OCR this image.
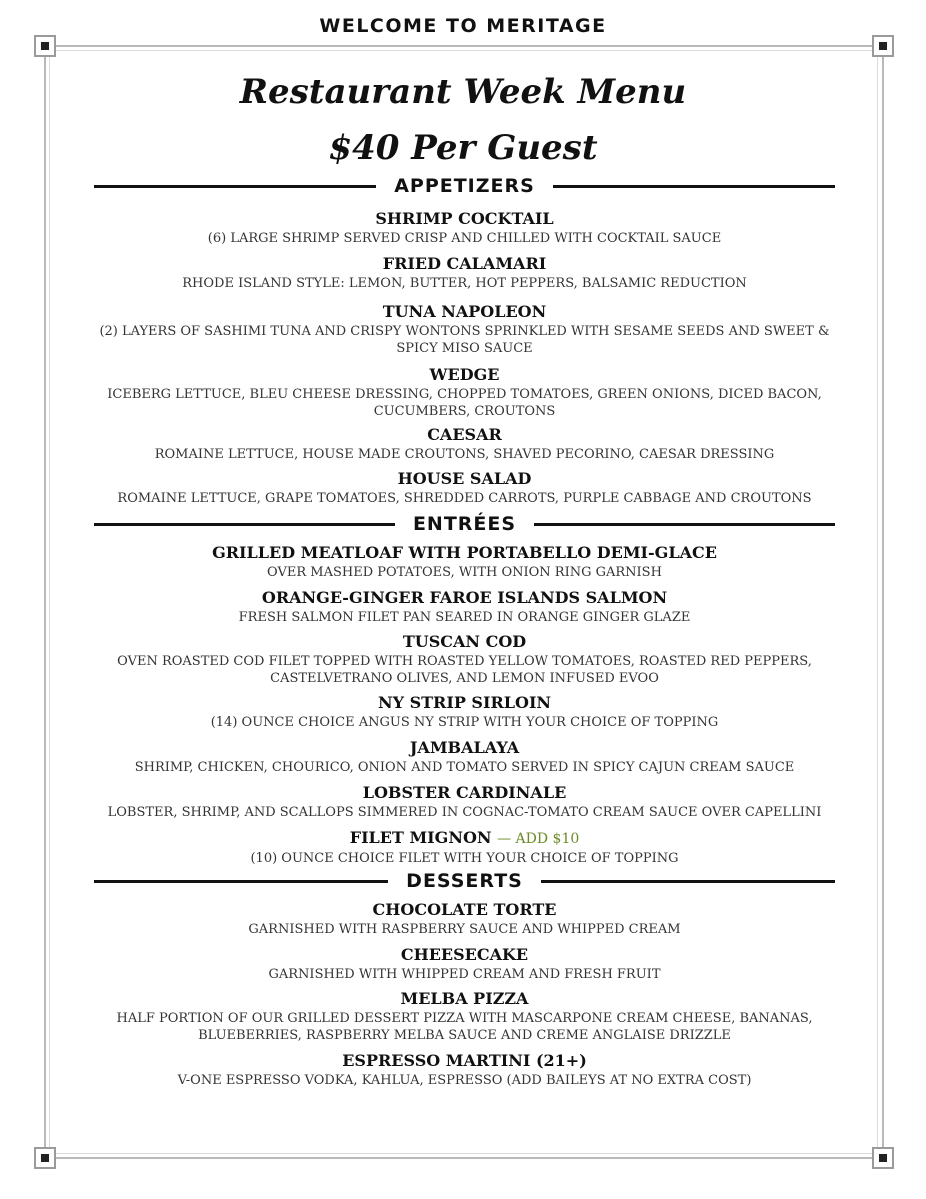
WELCOME TO MERITAGE
Restaurant Week Menu
$40 Per Guest
APPETIZERS
SHRIMP COCKTAIL
(6) LARGE SHRIMP SERVED CRISP AND CHILLED WITH COCKTAIL SAUCE
FRIED CALAMARI
RHODE ISLAND STYLE: LEMON, BUTTER, HOT PEPPERS, BALSAMIC REDUCTION
TUNA NAPOLEON
(2) LAYERS OF SASHIMI TUNA AND CRISPY WONTONS SPRINKLED WITH SESAME SEEDS AND SWEET & SPICY MISO SAUCE
WEDGE
ICEBERG LETTUCE, BLEU CHEESE DRESSING, CHOPPED TOMATOES, GREEN ONIONS, DICED BACON, CUCUMBERS, CROUTONS
CAESAR
ROMAINE LETTUCE, HOUSE MADE CROUTONS, SHAVED PECORINO, CAESAR DRESSING
HOUSE SALAD
ROMAINE LETTUCE, GRAPE TOMATOES, SHREDDED CARROTS, PURPLE CABBAGE AND CROUTONS
ENTRÉES
GRILLED MEATLOAF WITH PORTABELLO DEMI-GLACE
OVER MASHED POTATOES, WITH ONION RING GARNISH
ORANGE-GINGER FAROE ISLANDS SALMON
FRESH SALMON FILET PAN SEARED IN ORANGE GINGER GLAZE
TUSCAN COD
OVEN ROASTED COD FILET TOPPED WITH ROASTED YELLOW TOMATOES, ROASTED RED PEPPERS, CASTELVETRANO OLIVES, AND LEMON INFUSED EVOO
NY STRIP SIRLOIN
(14) OUNCE CHOICE ANGUS NY STRIP WITH YOUR CHOICE OF TOPPING
JAMBALAYA
SHRIMP, CHICKEN, CHOURICO, ONION AND TOMATO SERVED IN SPICY CAJUN CREAM SAUCE
LOBSTER CARDINALE
LOBSTER, SHRIMP, AND SCALLOPS SIMMERED IN COGNAC-TOMATO CREAM SAUCE OVER CAPELLINI
FILET MIGNON — ADD $10
(10) OUNCE CHOICE FILET WITH YOUR CHOICE OF TOPPING
DESSERTS
CHOCOLATE TORTE
GARNISHED WITH RASPBERRY SAUCE AND WHIPPED CREAM
CHEESECAKE
GARNISHED WITH WHIPPED CREAM AND FRESH FRUIT
MELBA PIZZA
HALF PORTION OF OUR GRILLED DESSERT PIZZA WITH MASCARPONE CREAM CHEESE, BANANAS, BLUEBERRIES, RASPBERRY MELBA SAUCE AND CREME ANGLAISE DRIZZLE
ESPRESSO MARTINI (21+)
V-ONE ESPRESSO VODKA, KAHLUA, ESPRESSO (ADD BAILEYS AT NO EXTRA COST)
